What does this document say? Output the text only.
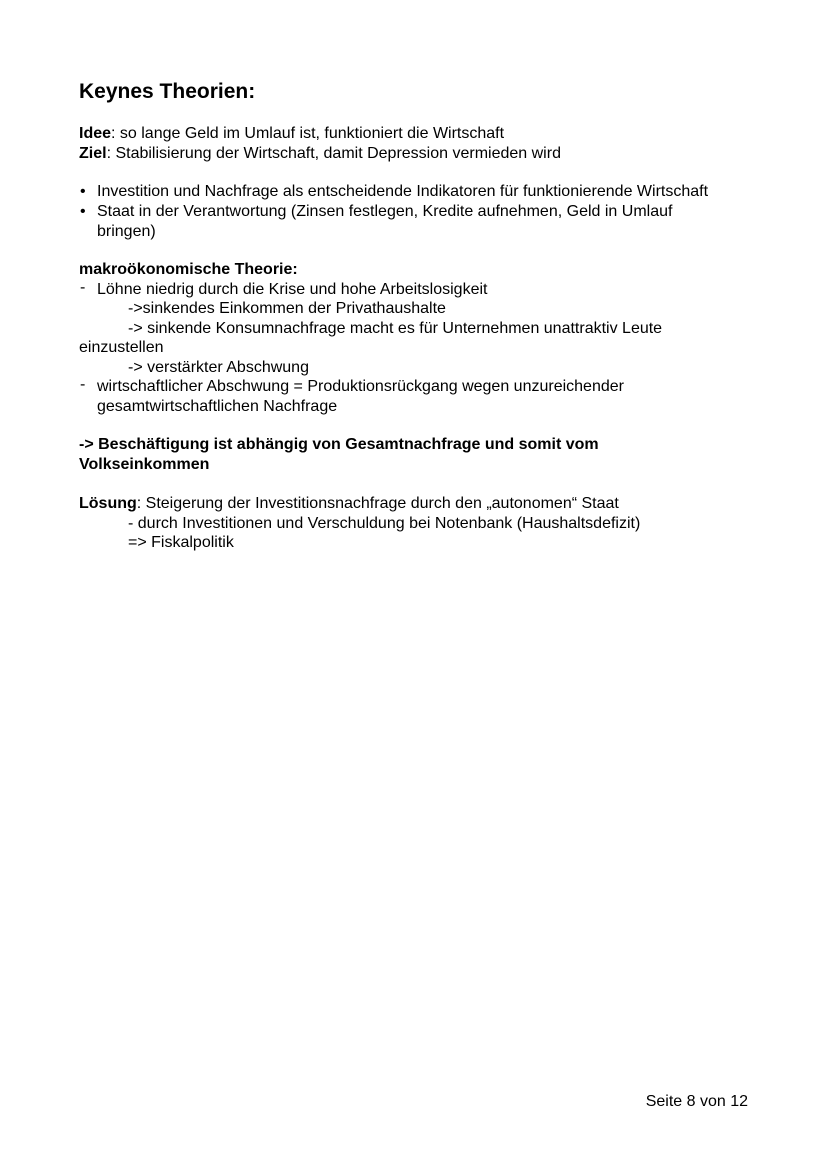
Keynes Theorien:
Idee: so lange Geld im Umlauf ist, funktioniert die Wirtschaft
Ziel: Stabilisierung der Wirtschaft, damit Depression vermieden wird
• Investition und Nachfrage als entscheidende Indikatoren für funktionierende Wirtschaft
• Staat in der Verantwortung (Zinsen festlegen, Kredite aufnehmen, Geld in Umlauf
bringen)
makroökonomische Theorie:
- Löhne niedrig durch die Krise und hohe Arbeitslosigkeit
->sinkendes Einkommen der Privathaushalte
-> sinkende Konsumnachfrage macht es für Unternehmen unattraktiv Leute
einzustellen
-> verstärkter Abschwung
- wirtschaftlicher Abschwung = Produktionsrückgang wegen unzureichender
gesamtwirtschaftlichen Nachfrage
-> Beschäftigung ist abhängig von Gesamtnachfrage und somit vom
Volkseinkommen
Lösung: Steigerung der Investitionsnachfrage durch den „autonomen“ Staat
- durch Investitionen und Verschuldung bei Notenbank (Haushaltsdefizit)
=> Fiskalpolitik
Seite 8 von 12
